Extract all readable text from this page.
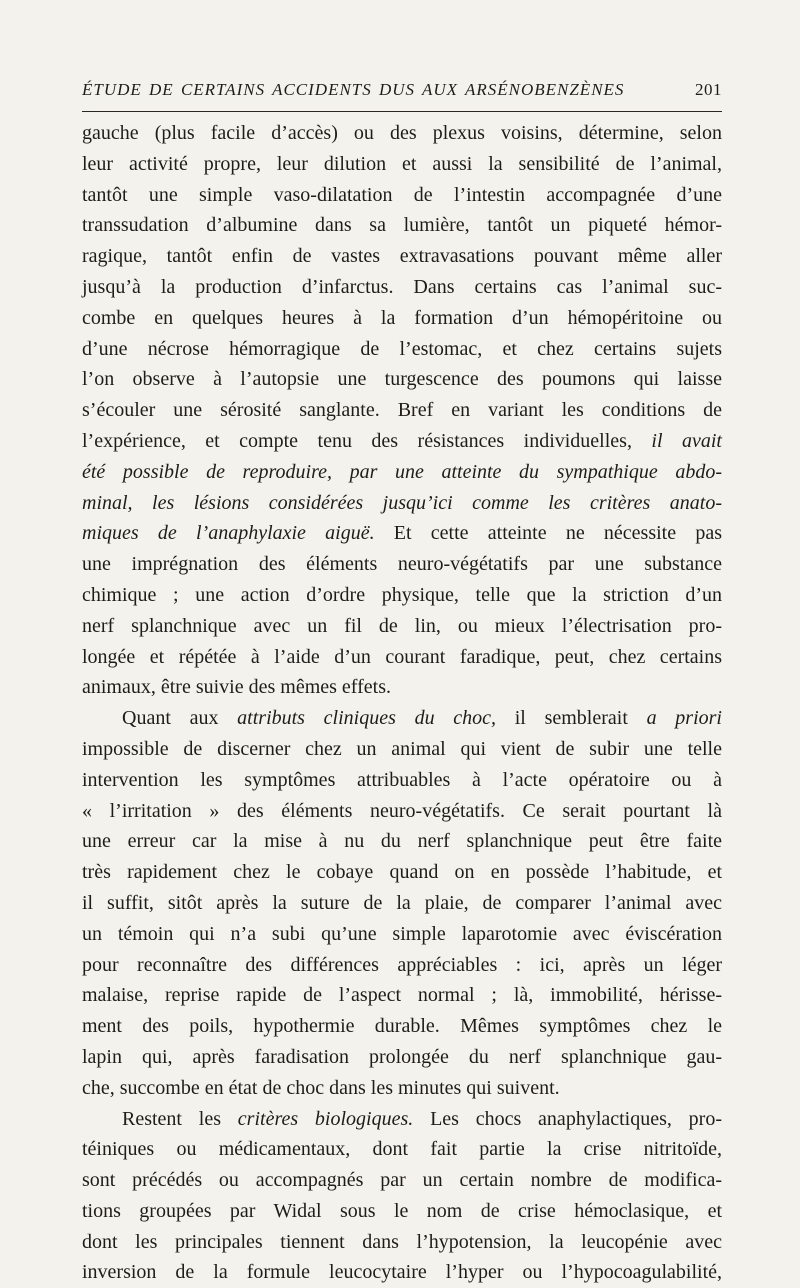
ÉTUDE DE CERTAINS ACCIDENTS DUS AUX ARSÉNOBENZÈNES	201
gauche (plus facile d’accès) ou des plexus voisins, détermine, selon
leur activité propre, leur dilution et aussi la sensibilité de l’animal,
tantôt une simple vaso-dilatation de l’intestin accompagnée d’une
transsudation d’albumine dans sa lumière, tantôt un piqueté hémor-
ragique, tantôt enfin de vastes extravasations pouvant même aller
jusqu’à la production d’infarctus. Dans certains cas l’animal suc-
combe en quelques heures à la formation d’un hémopéritoine ou
d’une nécrose hémorragique de l’estomac, et chez certains sujets
l’on observe à l’autopsie une turgescence des poumons qui laisse
s’écouler une sérosité sanglante. Bref en variant les conditions de
l’expérience, et compte tenu des résistances individuelles, il avait
été possible de reproduire, par une atteinte du sympathique abdo-
minal, les lésions considérées jusqu’ici comme les critères anato-
miques de l’anaphylaxie aiguë. Et cette atteinte ne nécessite pas
une imprégnation des éléments neuro-végétatifs par une substance
chimique ; une action d’ordre physique, telle que la striction d’un
nerf splanchnique avec un fil de lin, ou mieux l’électrisation pro-
longée et répétée à l’aide d’un courant faradique, peut, chez certains
animaux, être suivie des mêmes effets.
Quant aux attributs cliniques du choc, il semblerait a priori
impossible de discerner chez un animal qui vient de subir une telle
intervention les symptômes attribuables à l’acte opératoire ou à
« l’irritation » des éléments neuro-végétatifs. Ce serait pourtant là
une erreur car la mise à nu du nerf splanchnique peut être faite
très rapidement chez le cobaye quand on en possède l’habitude, et
il suffit, sitôt après la suture de la plaie, de comparer l’animal avec
un témoin qui n’a subi qu’une simple laparotomie avec éviscération
pour reconnaître des différences appréciables : ici, après un léger
malaise, reprise rapide de l’aspect normal ; là, immobilité, hérisse-
ment des poils, hypothermie durable. Mêmes symptômes chez le
lapin qui, après faradisation prolongée du nerf splanchnique gau-
che, succombe en état de choc dans les minutes qui suivent.
Restent les critères biologiques. Les chocs anaphylactiques, pro-
téiniques ou médicamentaux, dont fait partie la crise nitritoïde,
sont précédés ou accompagnés par un certain nombre de modifica-
tions groupées par Widal sous le nom de crise hémoclasique, et
dont les principales tiennent dans l’hypotension, la leucopénie avec
inversion de la formule leucocytaire l’hyper ou l’hypocoagulabilité,
